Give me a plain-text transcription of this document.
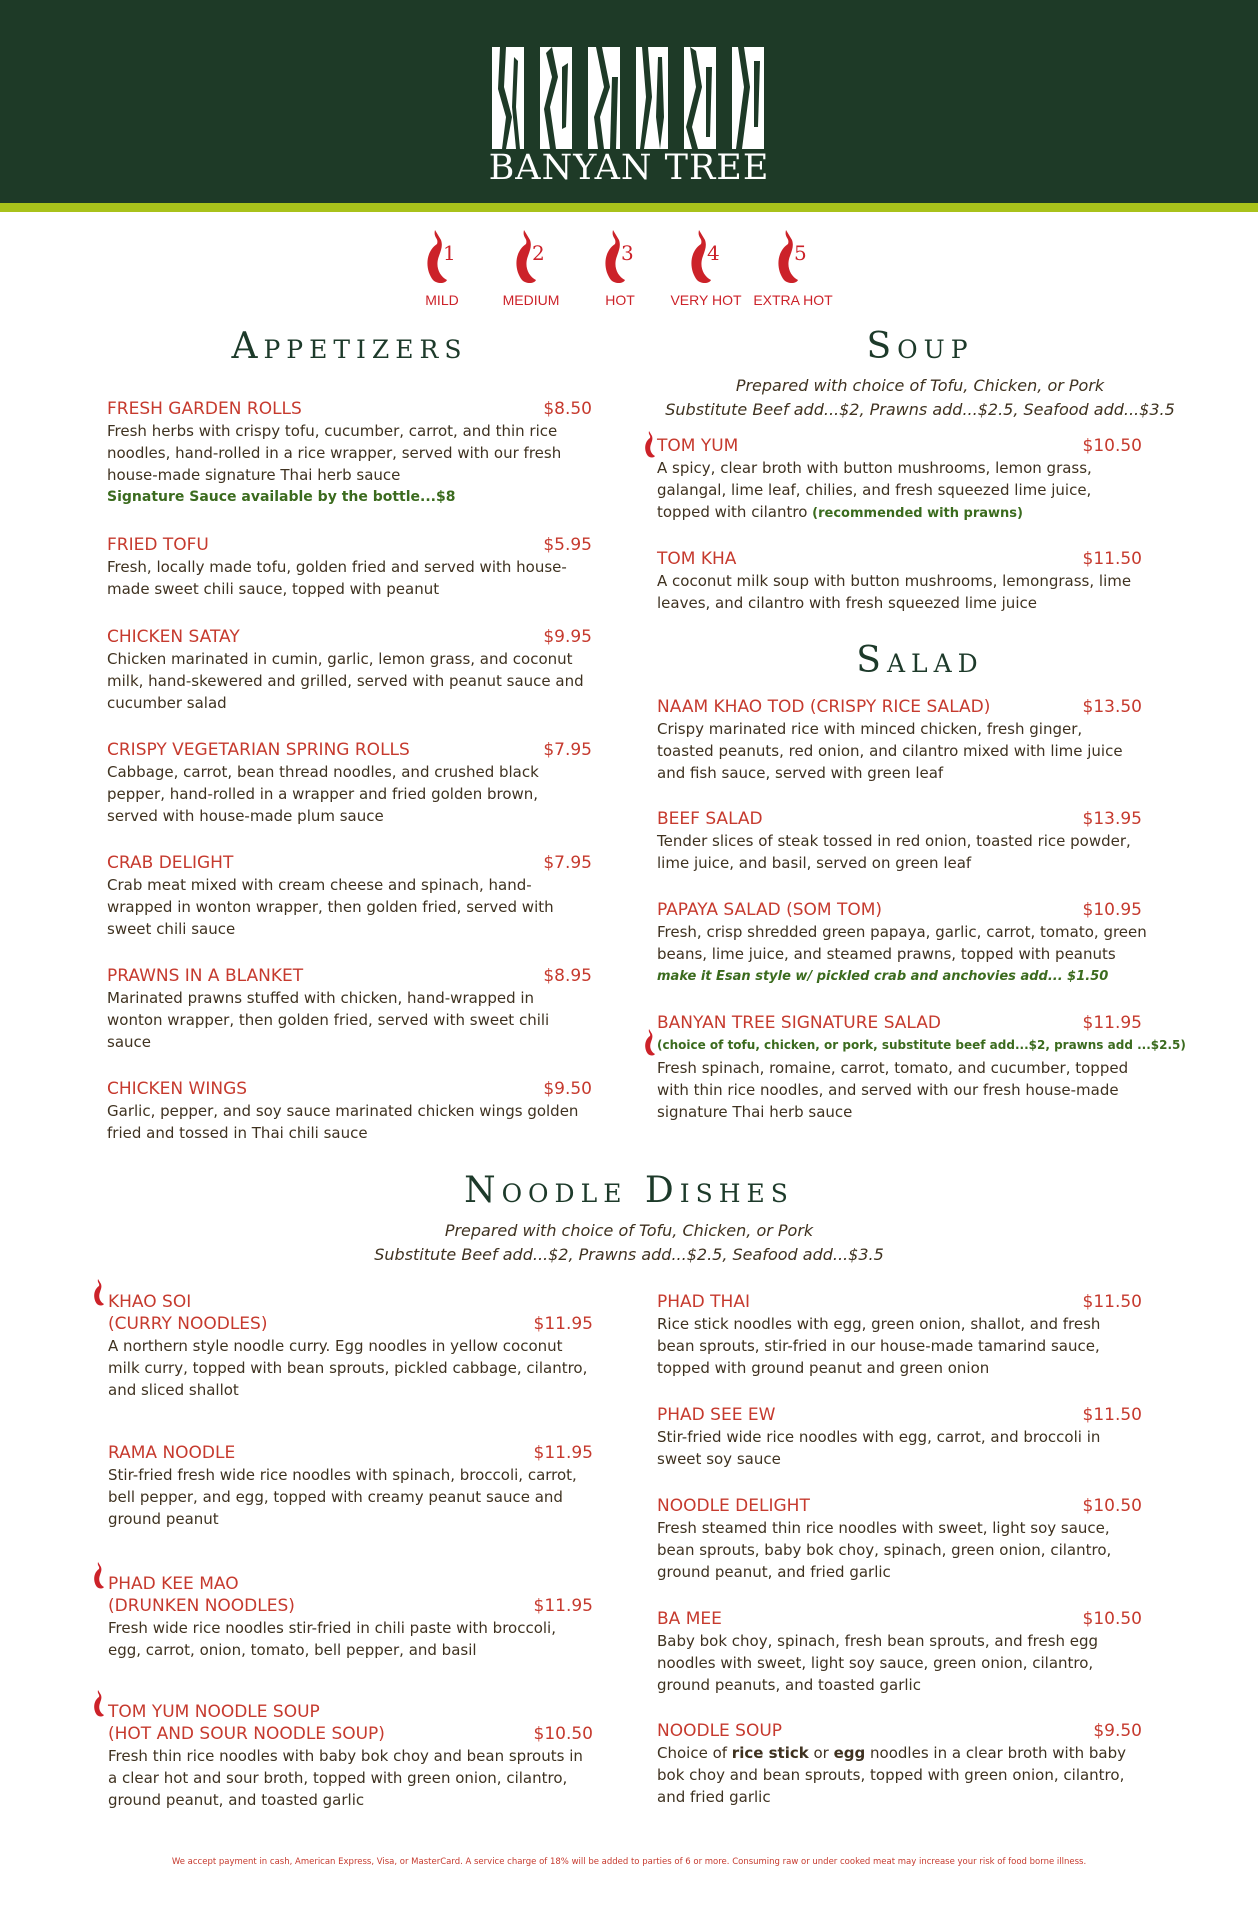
BANYAN TREE
1
MILD
2
MEDIUM
3
HOT
4
VERY HOT
5
EXTRA HOT
Appetizers
FRESH GARDEN ROLLS	$8.50
Fresh herbs with crispy tofu, cucumber, carrot, and thin rice noodles, hand-rolled in a rice wrapper, served with our fresh house-made signature Thai herb sauce
Signature Sauce available by the bottle...$8
FRIED TOFU	$5.95
Fresh, locally made tofu, golden fried and served with house-made sweet chili sauce, topped with peanut
CHICKEN SATAY	$9.95
Chicken marinated in cumin, garlic, lemon grass, and coconut milk, hand-skewered and grilled, served with peanut sauce and cucumber salad
CRISPY VEGETARIAN SPRING ROLLS	$7.95
Cabbage, carrot, bean thread noodles, and crushed black pepper, hand-rolled in a wrapper and fried golden brown, served with house-made plum sauce
CRAB DELIGHT	$7.95
Crab meat mixed with cream cheese and spinach, hand-wrapped in wonton wrapper, then golden fried, served with sweet chili sauce
PRAWNS IN A BLANKET	$8.95
Marinated prawns stuffed with chicken, hand-wrapped in wonton wrapper, then golden fried, served with sweet chili sauce
CHICKEN WINGS	$9.50
Garlic, pepper, and soy sauce marinated chicken wings golden fried and tossed in Thai chili sauce
Soup
Prepared with choice of Tofu, Chicken, or Pork
Substitute Beef add...$2, Prawns add...$2.5, Seafood add...$3.5
TOM YUM	$10.50
A spicy, clear broth with button mushrooms, lemon grass, galangal, lime leaf, chilies, and fresh squeezed lime juice, topped with cilantro (recommended with prawns)
TOM KHA	$11.50
A coconut milk soup with button mushrooms, lemongrass, lime leaves, and cilantro with fresh squeezed lime juice
Salad
NAAM KHAO TOD (CRISPY RICE SALAD)	$13.50
Crispy marinated rice with minced chicken, fresh ginger, toasted peanuts, red onion, and cilantro mixed with lime juice and fish sauce, served with green leaf
BEEF SALAD	$13.95
Tender slices of steak tossed in red onion, toasted rice powder, lime juice, and basil, served on green leaf
PAPAYA SALAD (SOM TOM)	$10.95
Fresh, crisp shredded green papaya, garlic, carrot, tomato, green beans, lime juice, and steamed prawns, topped with peanuts
make it Esan style w/ pickled crab and anchovies add... $1.50
BANYAN TREE SIGNATURE SALAD	$11.95
(choice of tofu, chicken, or pork, substitute beef add...$2, prawns add ...$2.5)
Fresh spinach, romaine, carrot, tomato, and cucumber, topped with thin rice noodles, and served with our fresh house-made signature Thai herb sauce
Noodle Dishes
Prepared with choice of Tofu, Chicken, or Pork
Substitute Beef add...$2, Prawns add...$2.5, Seafood add...$3.5
KHAO SOI
(CURRY NOODLES)	$11.95
A northern style noodle curry. Egg noodles in yellow coconut milk curry, topped with bean sprouts, pickled cabbage, cilantro, and sliced shallot
RAMA NOODLE	$11.95
Stir-fried fresh wide rice noodles with spinach, broccoli, carrot, bell pepper, and egg, topped with creamy peanut sauce and ground peanut
PHAD KEE MAO
(DRUNKEN NOODLES)	$11.95
Fresh wide rice noodles stir-fried in chili paste with broccoli, egg, carrot, onion, tomato, bell pepper, and basil
TOM YUM NOODLE SOUP
(HOT AND SOUR NOODLE SOUP)	$10.50
Fresh thin rice noodles with baby bok choy and bean sprouts in a clear hot and sour broth, topped with green onion, cilantro, ground peanut, and toasted garlic
PHAD THAI	$11.50
Rice stick noodles with egg, green onion, shallot, and fresh bean sprouts, stir-fried in our house-made tamarind sauce, topped with ground peanut and green onion
PHAD SEE EW	$11.50
Stir-fried wide rice noodles with egg, carrot, and broccoli in sweet soy sauce
NOODLE DELIGHT	$10.50
Fresh steamed thin rice noodles with sweet, light soy sauce, bean sprouts, baby bok choy, spinach, green onion, cilantro, ground peanut, and fried garlic
BA MEE	$10.50
Baby bok choy, spinach, fresh bean sprouts, and fresh egg noodles with sweet, light soy sauce, green onion, cilantro, ground peanuts, and toasted garlic
NOODLE SOUP	$9.50
Choice of rice stick or egg noodles in a clear broth with baby bok choy and bean sprouts, topped with green onion, cilantro, and fried garlic
We accept payment in cash, American Express, Visa, or MasterCard. A service charge of 18% will be added to parties of 6 or more. Consuming raw or under cooked meat may increase your risk of food borne illness.
